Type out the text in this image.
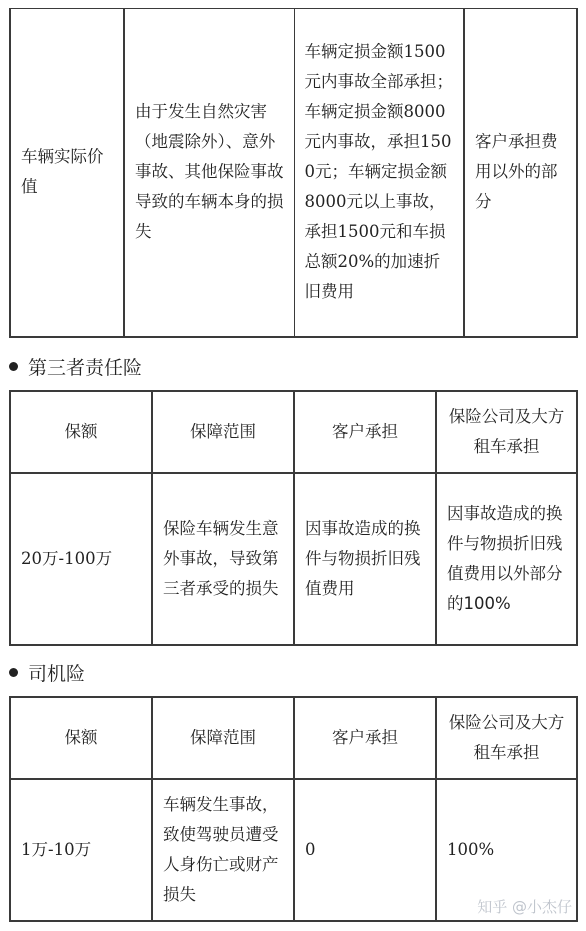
车辆实际价值	由于发生自然灾害（地震除外）、意外事故、其他保险事故导致的车辆本身的损失	车辆定损金额1500元内事故全部承担；车辆定损金额8000元内事故，承担1500元；车辆定损金额8000元以上事故，承担1500元和车损总额20%的加速折旧费用	客户承担费用以外的部分
第三者责任险
保额	保障范围	客户承担	保险公司及大方租车承担
20万-100万	保险车辆发生意外事故，导致第三者承受的损失	因事故造成的换件与物损折旧残值费用	因事故造成的换件与物损折旧残值费用以外部分的100%
司机险
保额	保障范围	客户承担	保险公司及大方租车承担
1万-10万	车辆发生事故，致使驾驶员遭受人身伤亡或财产损失	0	100%
知乎 @小杰仔
